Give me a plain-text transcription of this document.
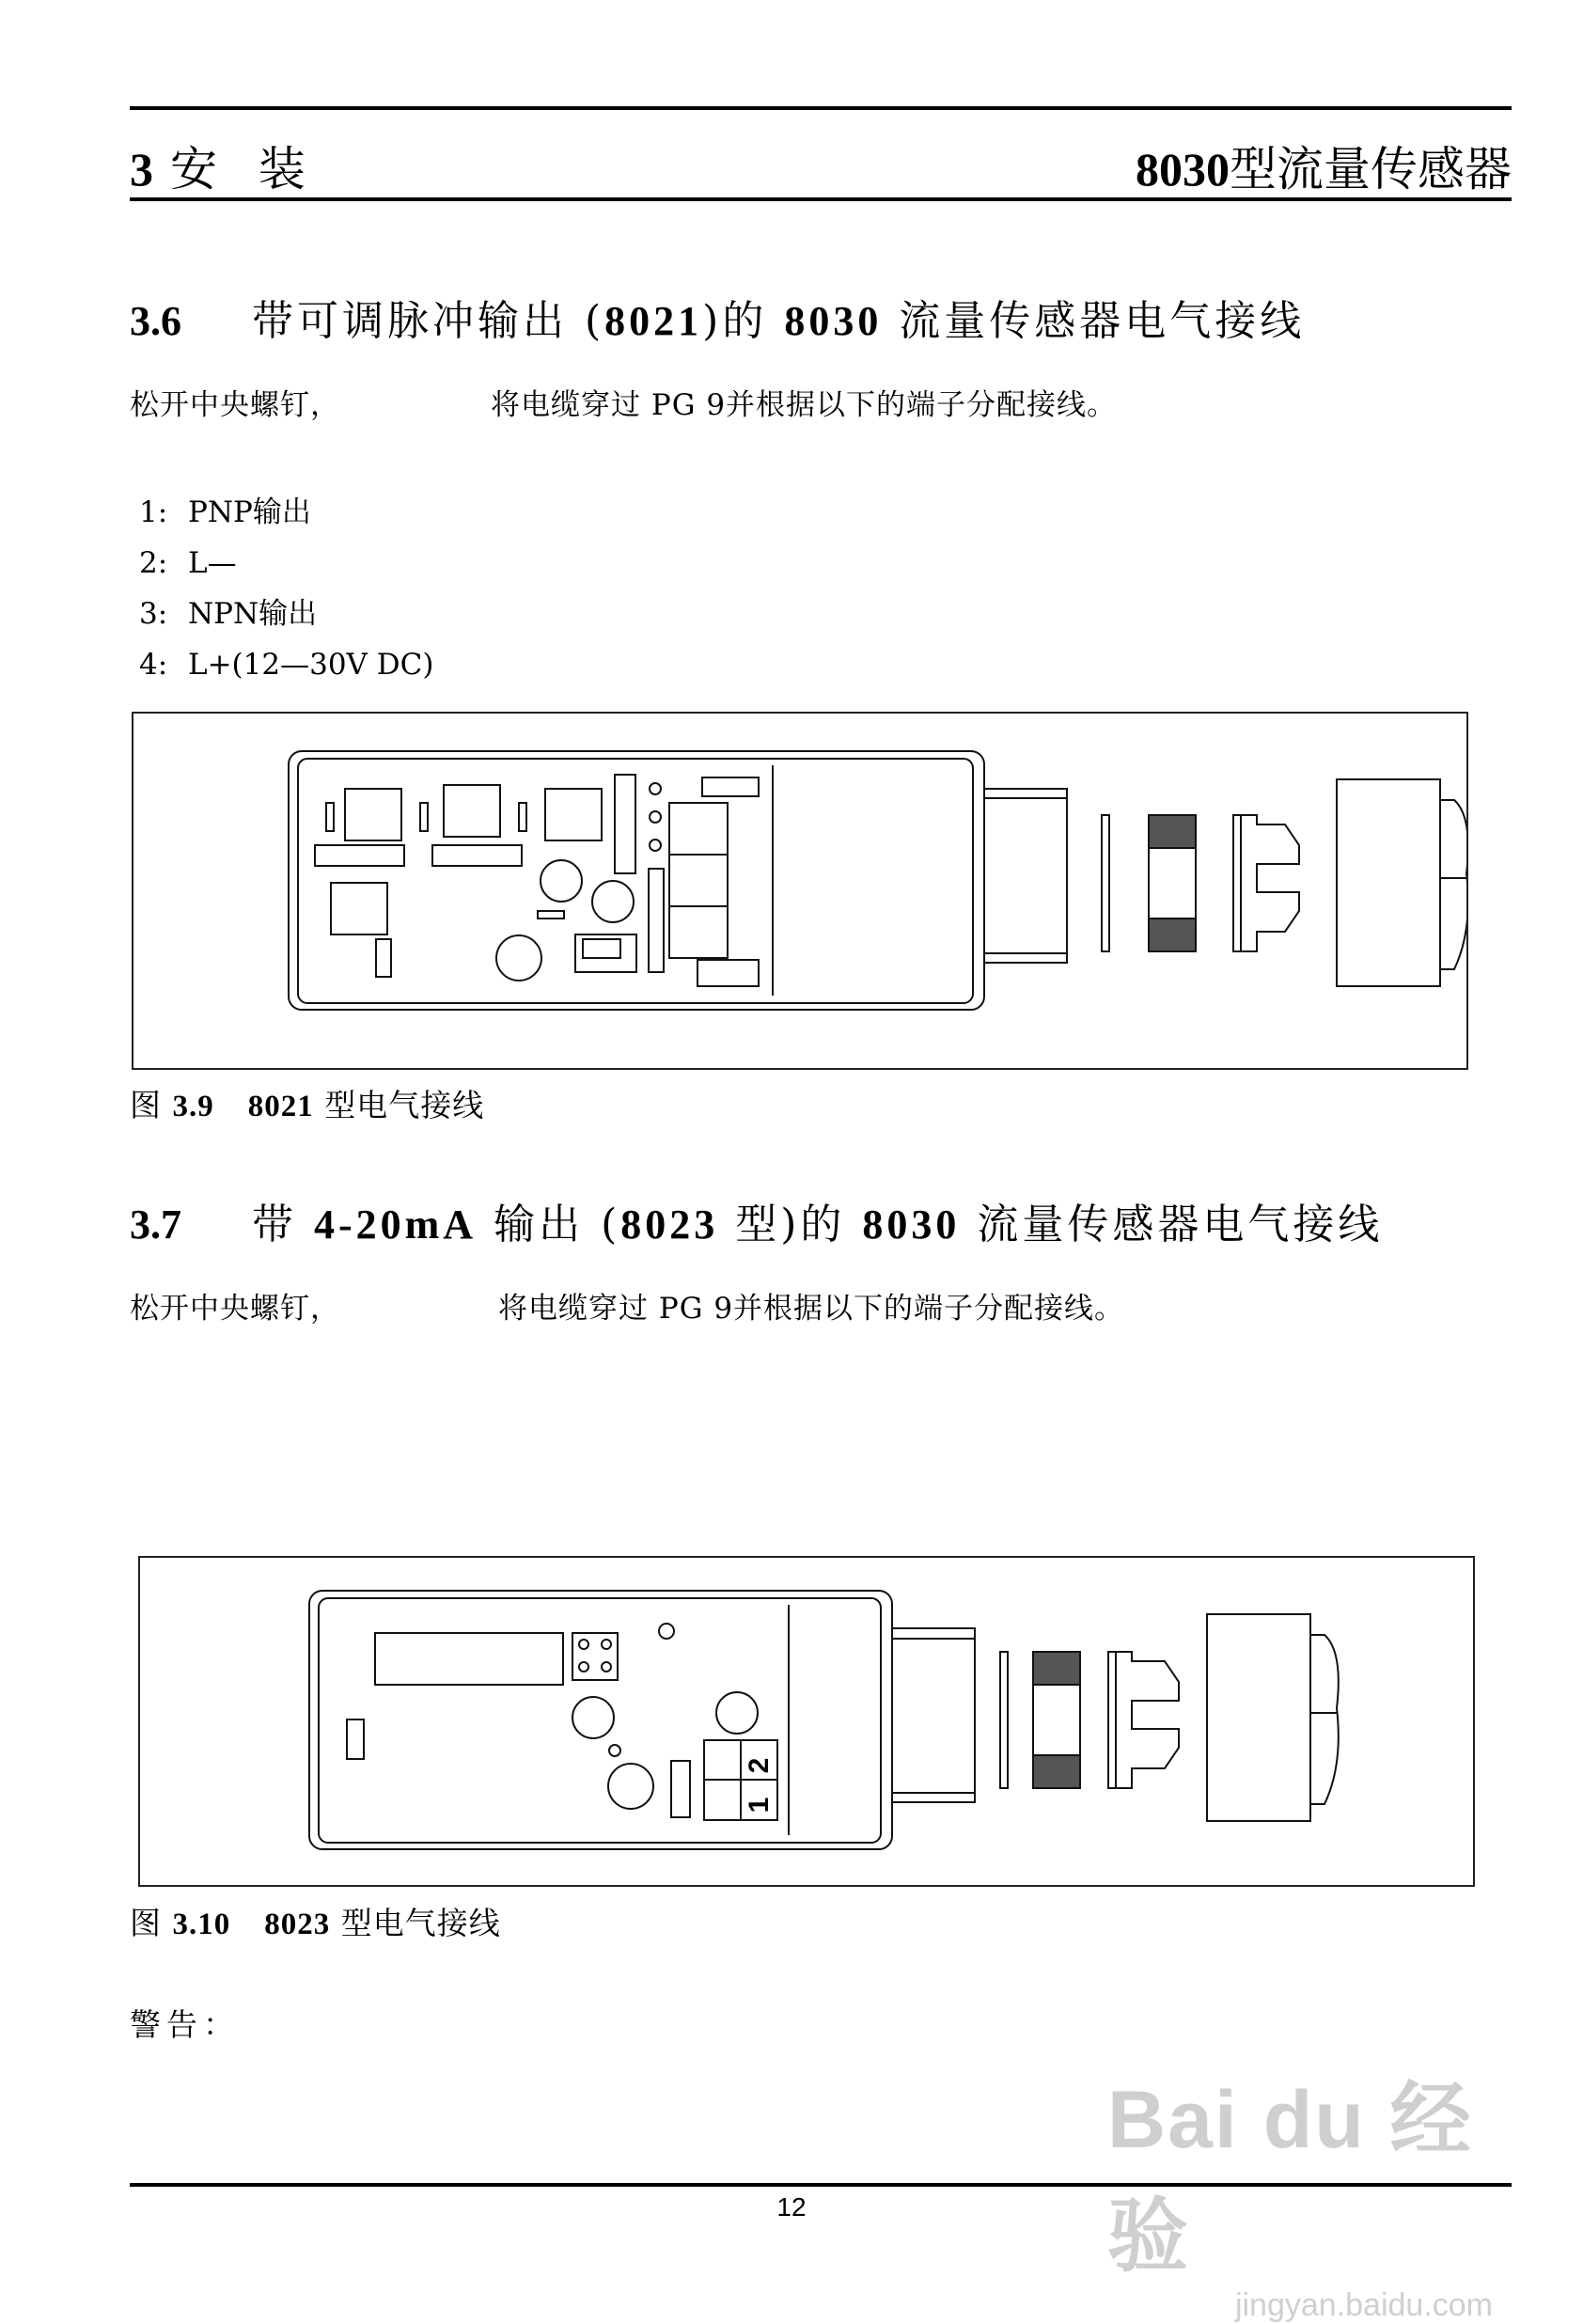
3 安 装	8030型流量传感器
3.6 带可调脉冲输出 (8021)的 8030 流量传感器电气接线
松开中央螺钉，	将电缆穿过 PG 9并根据以下的端子分配接线。
1: PNP输出
2: L—
3: NPN输出
4: L+(12—30V DC)
图 3.9 8021 型电气接线
3.7 带 4-20mA 输出 (8023 型)的 8030 流量传感器电气接线
松开中央螺钉，	将电缆穿过 PG 9并根据以下的端子分配接线。
2
1
图 3.10 8023 型电气接线
警告：
Bai du 经验
jingyan.baidu.com
12
